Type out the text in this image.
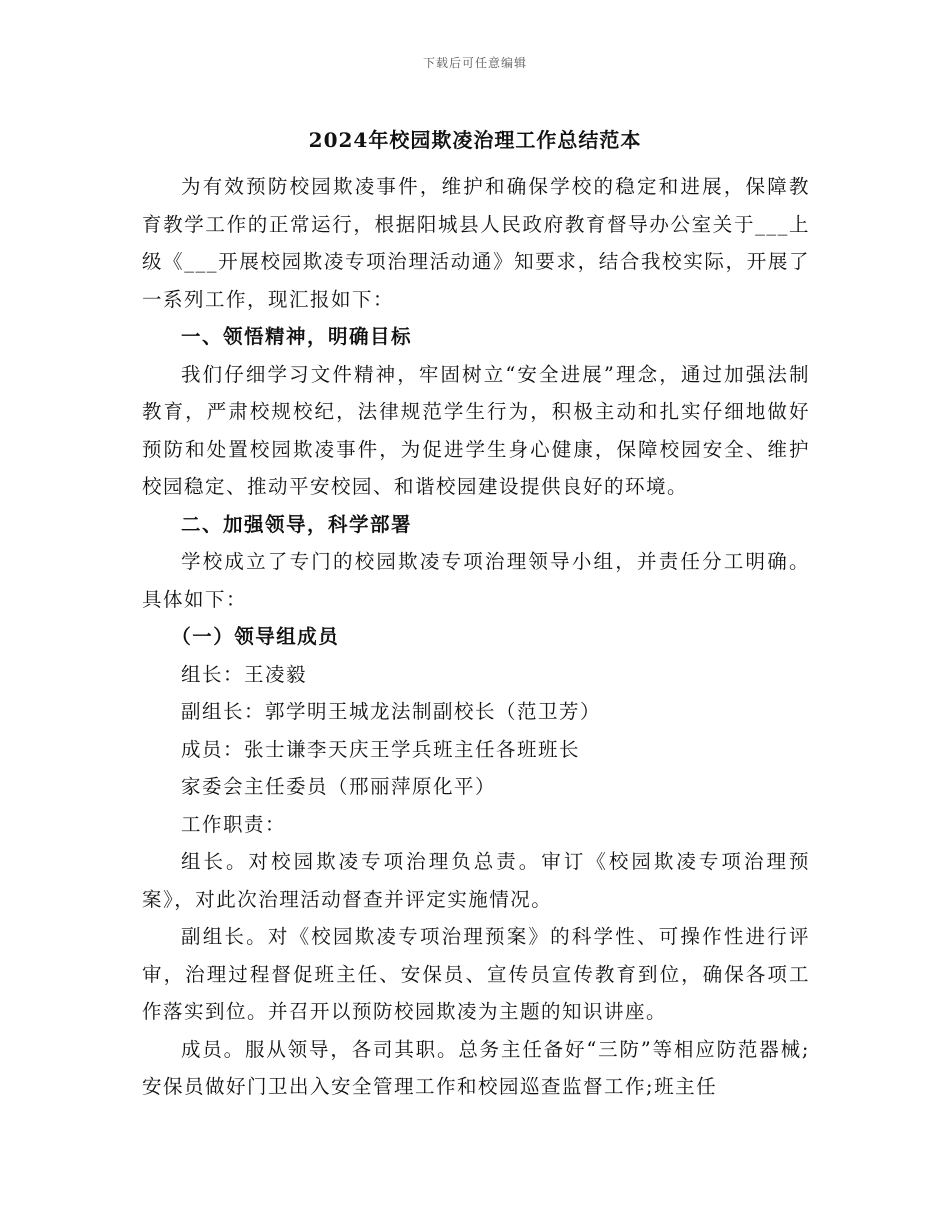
下载后可任意编辑
2024年校园欺凌治理工作总结范本

为有效预防校园欺凌事件，维护和确保学校的稳定和进展，保障教育教学工作的正常运行，根据阳城县人民政府教育督导办公室关于___上级《___开展校园欺凌专项治理活动通》知要求，结合我校实际，开展了一系列工作，现汇报如下：

一、领悟精神，明确目标

我们仔细学习文件精神，牢固树立“安全进展”理念，通过加强法制教育，严肃校规校纪，法律规范学生行为，积极主动和扎实仔细地做好预防和处置校园欺凌事件，为促进学生身心健康，保障校园安全、维护校园稳定、推动平安校园、和谐校园建设提供良好的环境。

二、加强领导，科学部署

学校成立了专门的校园欺凌专项治理领导小组，并责任分工明确。具体如下：

（一）领导组成员

组长：王凌毅

副组长：郭学明王城龙法制副校长（范卫芳）

成员：张士谦李天庆王学兵班主任各班班长

家委会主任委员（邢丽萍原化平）

工作职责：

组长。对校园欺凌专项治理负总责。审订《校园欺凌专项治理预案》，对此次治理活动督查并评定实施情况。

副组长。对《校园欺凌专项治理预案》的科学性、可操作性进行评审，治理过程督促班主任、安保员、宣传员宣传教育到位，确保各项工作落实到位。并召开以预防校园欺凌为主题的知识讲座。

成员。服从领导，各司其职。总务主任备好“三防”等相应防范器械;安保员做好门卫出入安全管理工作和校园巡查监督工作;班主任
